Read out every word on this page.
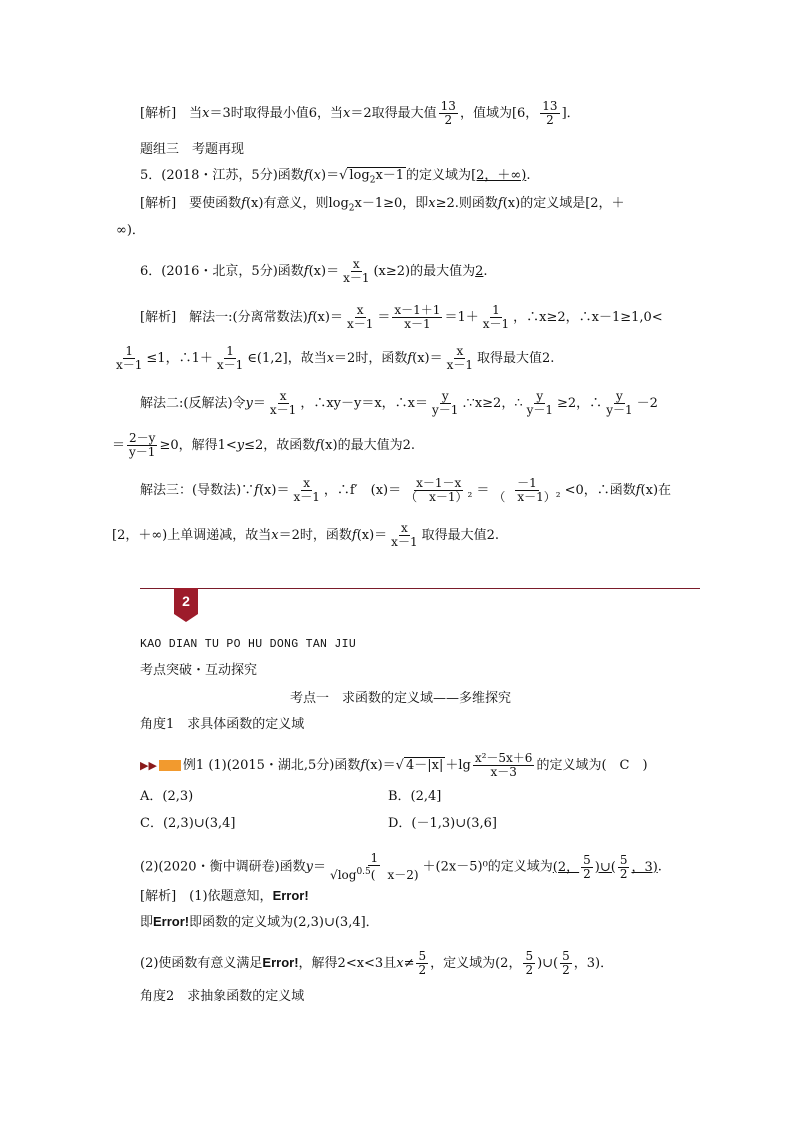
[解析]　当x＝3时取得最小值6，当x＝2取得最大值 $\frac{13}{2}$ ，值域为[6， $\frac{13}{2}$ ]．
题组三　考题再现
5．(2018・江苏，5分)函数f(x)＝√ $\log_2x-1$ 的定义域为[2，＋∞).
[解析]　要使函数f(x)有意义，则$\log_2x-1\ge 0$，即x≥2.则函数f(x)的定义域是[2，＋
∞)．
6．(2016・北京，5分)函数$f(x)= \frac{x}{x-1} (x\ge 2)$的最大值为2.
[解析]　解法一:(分离常数法)$f(x)= \frac{x}{x-1} = \frac{x-1+1}{x-1} =1+ \frac{1}{x-1}$ ，∴x≥2，∴x－1≥1,0<
$\frac{1}{x-1} \le 1$，∴1＋ $\frac{1}{x-1}$ ∈(1,2]，故当x＝2时，函数$f(x)= \frac{x}{x-1}$ 取得最大值2.
解法二:(反解法)令$y= \frac{x}{x-1}$ ，∴xy－y＝x，∴x＝ $\frac{y}{y-1}$ .∵x≥2，∴ $\frac{y}{y-1} \ge 2$，∴ $\frac{y}{y-1} -2$
＝ $\frac{2-y}{y-1} \ge 0$，解得1<y≤2，故函数f(x)的最大值为2.
解法三：(导数法)∵f(x)＝ $\frac{x}{x-1}$ ，∴f′　$(x)= \frac{x-1-x}{\text{（　x－1）²}} = \frac{-1}{\text{（　x－1）²}} <0$，∴函数f(x)在
[2，＋∞)上单调递减，故当x＝2时，函数$f(x)= \frac{x}{x-1}$ 取得最大值2.
2
KAO DIAN TU PO HU DONG TAN JIU
考点突破・互动探究
考点一　求函数的定义域——多维探究
角度1　求具体函数的定义域
▶▶ 例1 (1)(2015・湖北,5分)函数f(x)＝√ $4-|x| +\lg \frac{\text{x²－5x＋6}}{x-3}$ 的定义域为(　C　)
A．(2,3)	B．(2,4]
C．(2,3)∪(3,4]	D．(－1,3)∪(3,6]
(2)(2020・衡中调研卷)函数$y= \frac{1}{√\log^{0.5}( x-2)} +(2x-5)^0$的定义域为(2， $\frac{5}{2}$ )∪( $\frac{5}{2}$ ，3).
[解析]　(1)依题意知，Error!
即Error!即函数的定义域为(2,3)∪(3,4]．
(2)使函数有意义满足Error!，解得2<x<3且$x\ne \frac{5}{2}$ ，定义域为(2， $\frac{5}{2}$ )∪( $\frac{5}{2}$ ，3)．
角度2　求抽象函数的定义域
